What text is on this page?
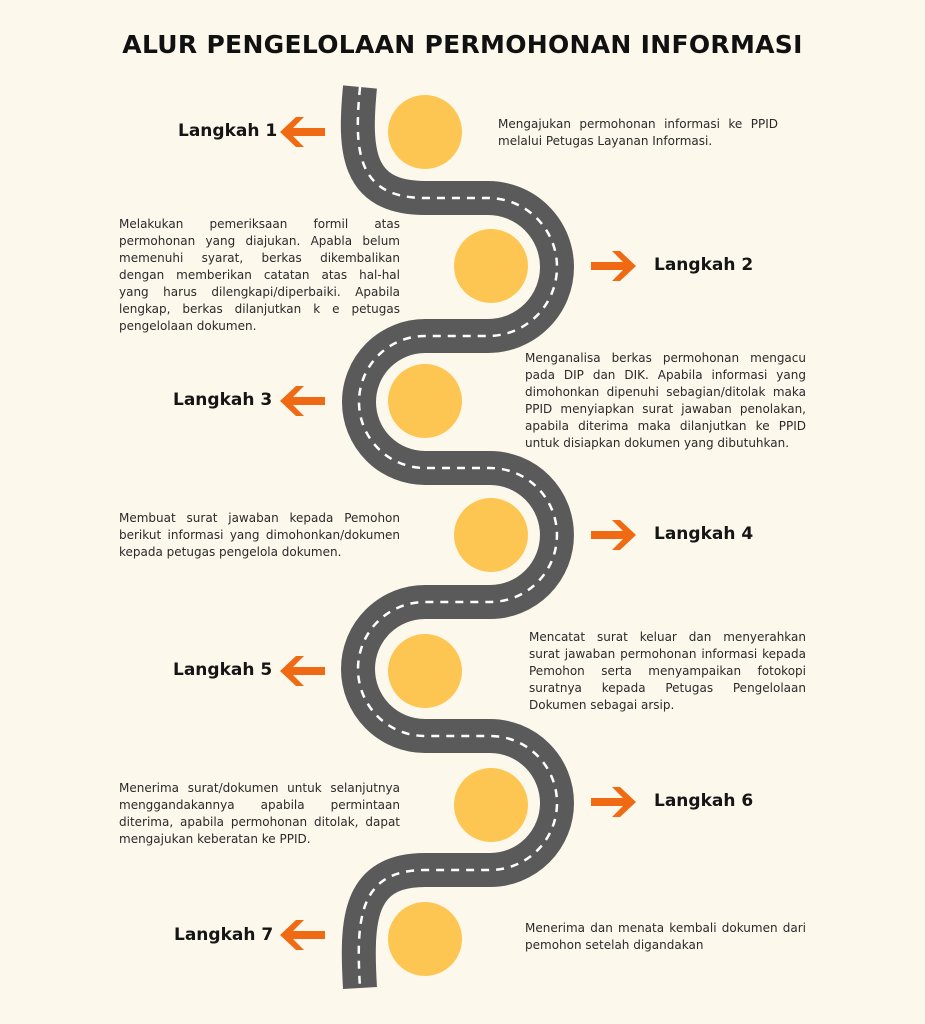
ALUR PENGELOLAAN PERMOHONAN INFORMASI
Langkah 1	Mengajukan permohonan informasi ke PPID melalui Petugas Layanan Informasi.
Langkah 2
Melakukan pemeriksaan formil atas permohonan yang diajukan. Apabla belum memenuhi syarat, berkas dikembalikan dengan memberikan catatan atas hal-hal yang harus dilengkapi/diperbaiki. Apabila lengkap, berkas dilanjutkan k e petugas pengelolaan dokumen.
Langkah 3
Menganalisa berkas permohonan mengacu pada DIP dan DIK. Apabila informasi yang dimohonkan dipenuhi sebagian/ditolak maka PPID menyiapkan surat jawaban penolakan, apabila diterima maka dilanjutkan ke PPID untuk disiapkan dokumen yang dibutuhkan.
Langkah 4
Membuat surat jawaban kepada Pemohon berikut informasi yang dimohonkan/dokumen kepada petugas pengelola dokumen.
Langkah 5
Mencatat surat keluar dan menyerahkan surat jawaban permohonan informasi kepada Pemohon serta menyampaikan fotokopi suratnya kepada Petugas Pengelolaan Dokumen sebagai arsip.
Langkah 6
Menerima surat/dokumen untuk selanjutnya menggandakannya apabila permintaan diterima, apabila permohonan ditolak, dapat mengajukan keberatan ke PPID.
Langkah 7	Menerima dan menata kembali dokumen dari pemohon setelah digandakan
